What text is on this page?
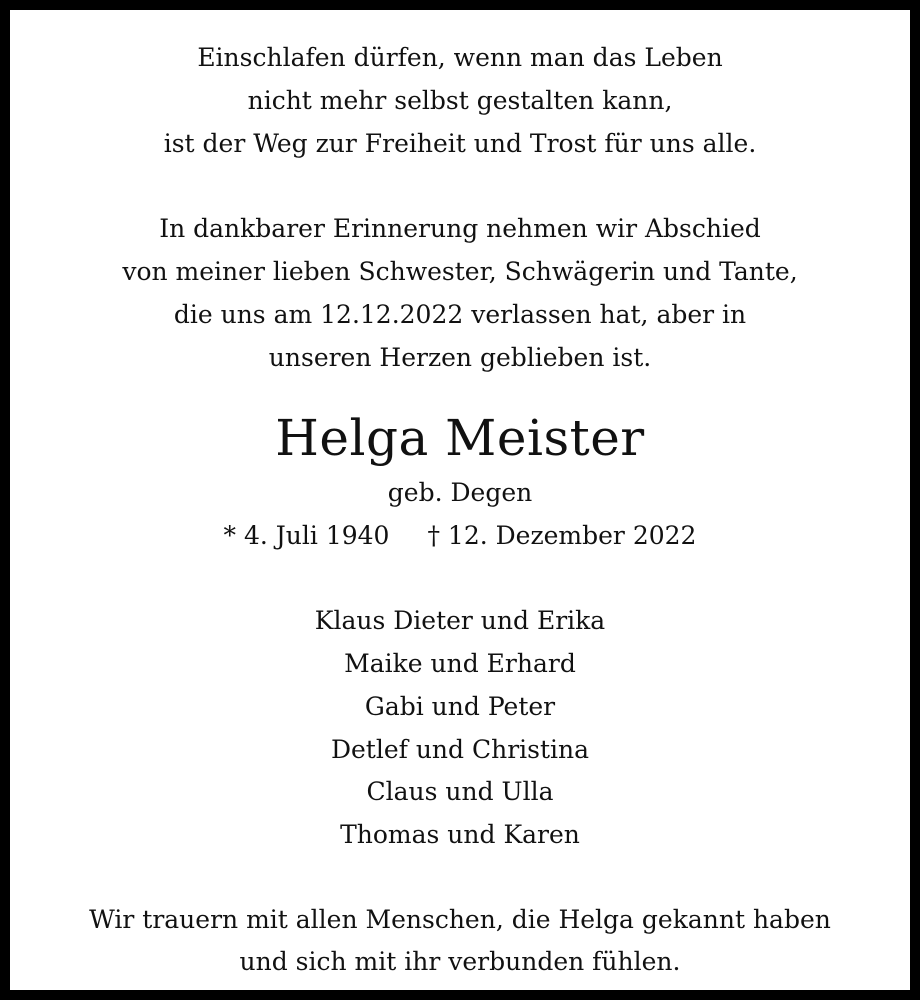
Einschlafen dürfen, wenn man das Leben
nicht mehr selbst gestalten kann,
ist der Weg zur Freiheit und Trost für uns alle.
In dankbarer Erinnerung nehmen wir Abschied
von meiner lieben Schwester, Schwägerin und Tante,
die uns am 12.12.2022 verlassen hat, aber in
unseren Herzen geblieben ist.
Helga Meister
geb. Degen
* 4. Juli 1940 † 12. Dezember 2022
Klaus Dieter und Erika
Maike und Erhard
Gabi und Peter
Detlef und Christina
Claus und Ulla
Thomas und Karen
Wir trauern mit allen Menschen, die Helga gekannt haben
und sich mit ihr verbunden fühlen.
